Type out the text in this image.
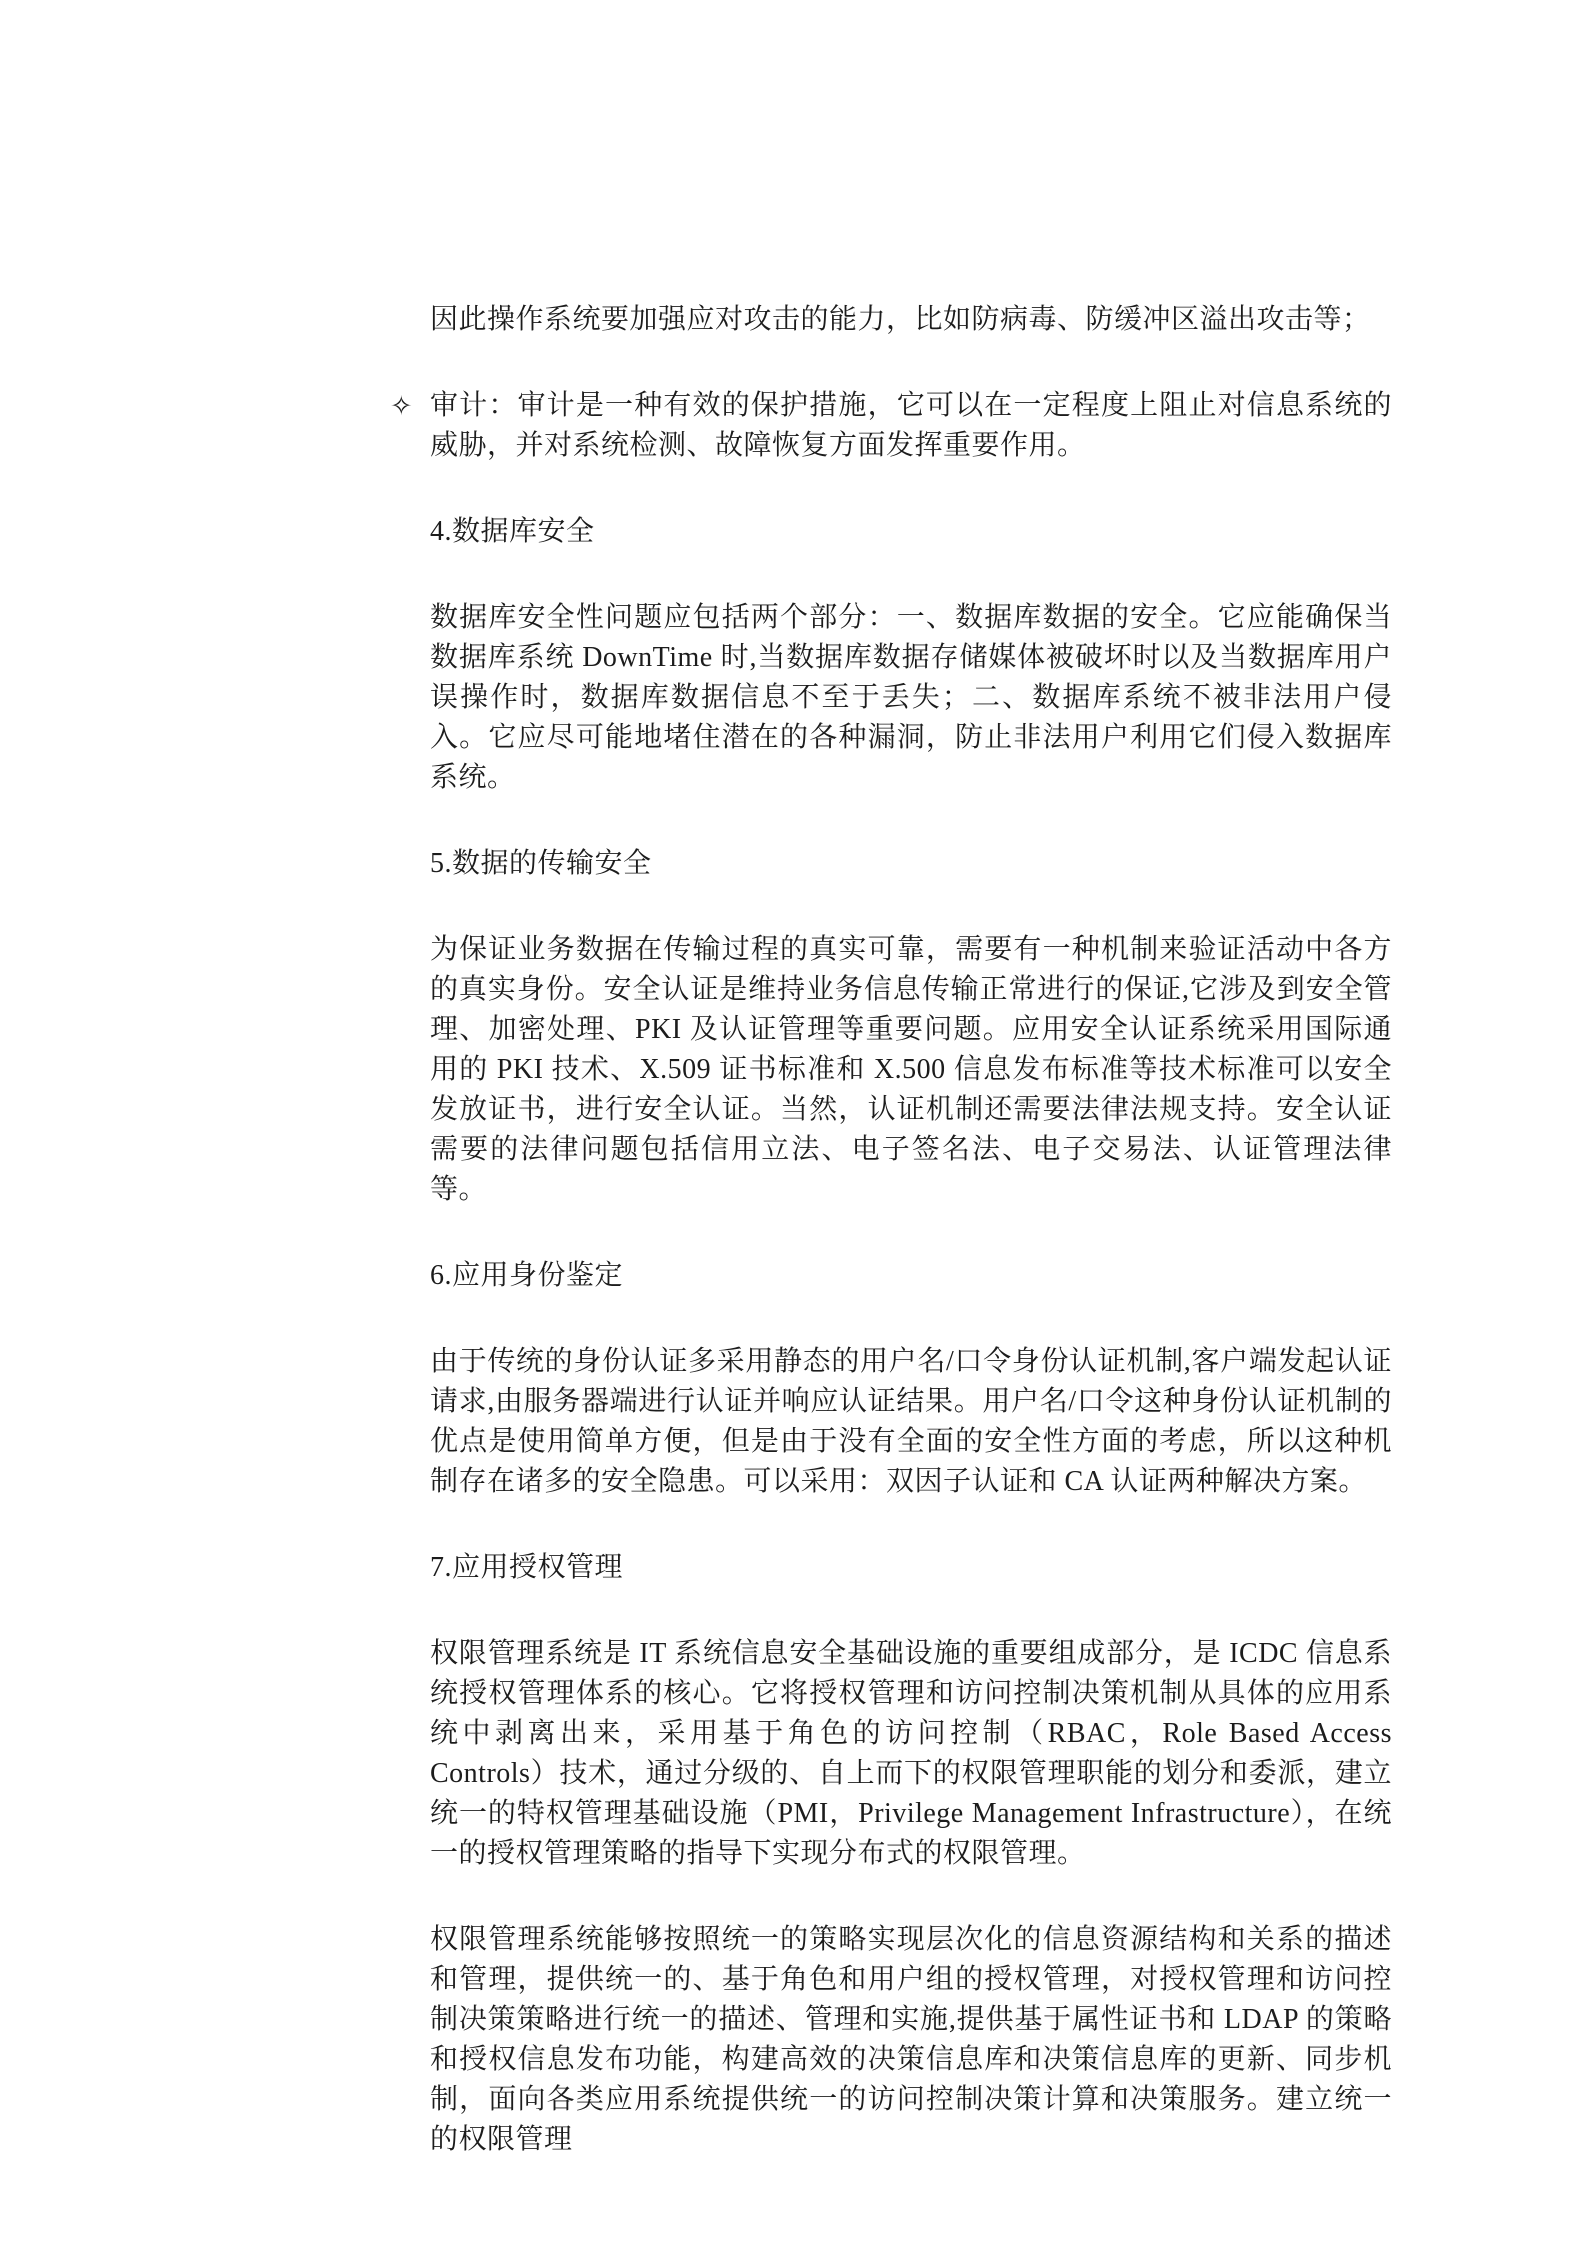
因此操作系统要加强应对攻击的能力，比如防病毒、防缓冲区溢出攻击等；

✧ 审计：审计是一种有效的保护措施，它可以在一定程度上阻止对信息系统的威胁，并对系统检测、故障恢复方面发挥重要作用。

4.数据库安全

数据库安全性问题应包括两个部分：一、数据库数据的安全。它应能确保当数据库系统 DownTime 时,当数据库数据存储媒体被破坏时以及当数据库用户误操作时，数据库数据信息不至于丢失；二、数据库系统不被非法用户侵入。它应尽可能地堵住潜在的各种漏洞，防止非法用户利用它们侵入数据库系统。

5.数据的传输安全

为保证业务数据在传输过程的真实可靠，需要有一种机制来验证活动中各方的真实身份。安全认证是维持业务信息传输正常进行的保证,它涉及到安全管理、加密处理、PKI 及认证管理等重要问题。应用安全认证系统采用国际通用的 PKI 技术、X.509 证书标准和 X.500 信息发布标准等技术标准可以安全发放证书，进行安全认证。当然，认证机制还需要法律法规支持。安全认证需要的法律问题包括信用立法、电子签名法、电子交易法、认证管理法律等。

6.应用身份鉴定

由于传统的身份认证多采用静态的用户名/口令身份认证机制,客户端发起认证请求,由服务器端进行认证并响应认证结果。用户名/口令这种身份认证机制的优点是使用简单方便，但是由于没有全面的安全性方面的考虑，所以这种机制存在诸多的安全隐患。可以采用：双因子认证和 CA 认证两种解决方案。

7.应用授权管理

权限管理系统是 IT 系统信息安全基础设施的重要组成部分，是 ICDC 信息系统授权管理体系的核心。它将授权管理和访问控制决策机制从具体的应用系统中剥离出来，采用基于角色的访问控制（RBAC，Role Based Access Controls）技术，通过分级的、自上而下的权限管理职能的划分和委派，建立统一的特权管理基础设施（PMI，Privilege Management Infrastructure），在统一的授权管理策略的指导下实现分布式的权限管理。

权限管理系统能够按照统一的策略实现层次化的信息资源结构和关系的描述和管理，提供统一的、基于角色和用户组的授权管理，对授权管理和访问控制决策策略进行统一的描述、管理和实施,提供基于属性证书和 LDAP 的策略和授权信息发布功能，构建高效的决策信息库和决策信息库的更新、同步机制，面向各类应用系统提供统一的访问控制决策计算和决策服务。建立统一的权限管理
